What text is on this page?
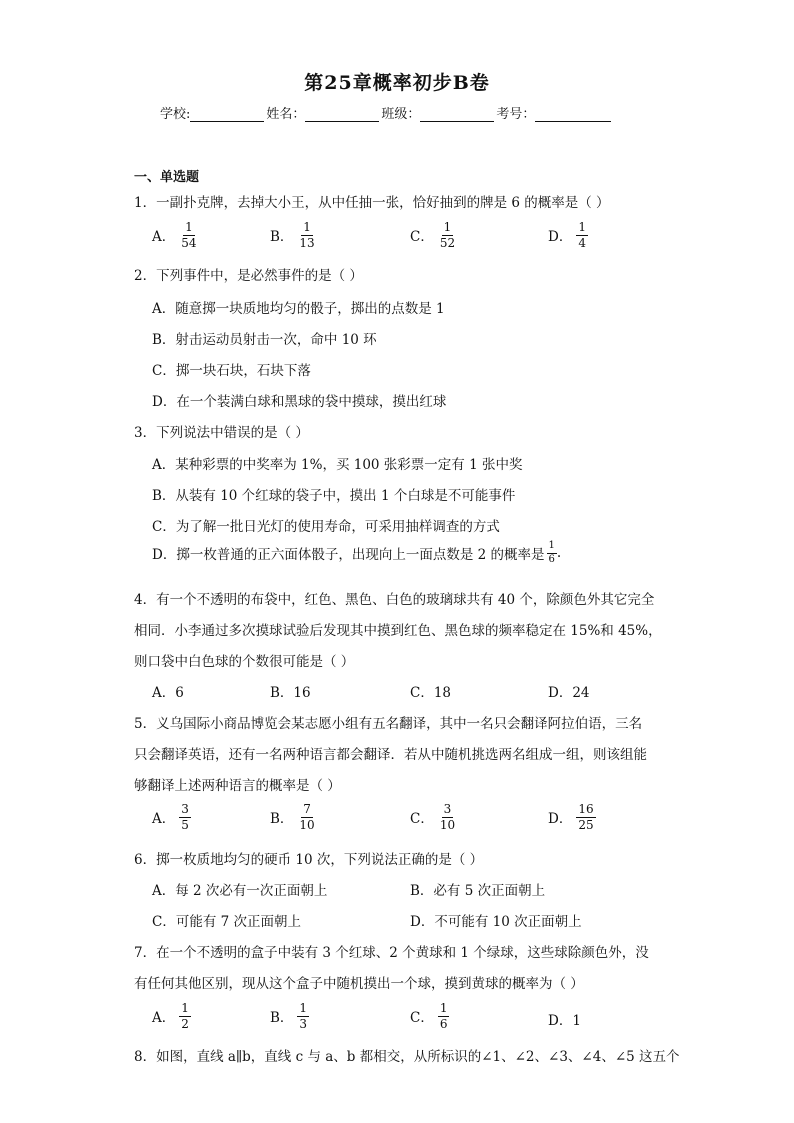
第25章概率初步B卷
学校:	姓名：	班级：	考号：
一、单选题
1．一副扑克牌，去掉大小王，从中任抽一张，恰好抽到的牌是 6 的概率是（ ）
A． $\frac{1}{54}$	B． $\frac{1}{13}$	C． $\frac{1}{52}$	D． $\frac{1}{4}$
2．下列事件中，是必然事件的是（ ）
A．随意掷一块质地均匀的骰子，掷出的点数是 1
B．射击运动员射击一次，命中 10 环
C．掷一块石块，石块下落
D．在一个装满白球和黑球的袋中摸球，摸出红球
3．下列说法中错误的是（ ）
A．某种彩票的中奖率为 1%，买 100 张彩票一定有 1 张中奖
B．从装有 10 个红球的袋子中，摸出 1 个白球是不可能事件
C．为了解一批日光灯的使用寿命，可采用抽样调查的方式
D．掷一枚普通的正六面体骰子，出现向上一面点数是 2 的概率是 $\frac{1}{6}$ .
4．有一个不透明的布袋中，红色、黑色、白色的玻璃球共有 40 个，除颜色外其它完全
相同．小李通过多次摸球试验后发现其中摸到红色、黑色球的频率稳定在 15%和 45%，
则口袋中白色球的个数很可能是（ ）
A．6	B．16	C．18	D．24
5．义乌国际小商品博览会某志愿小组有五名翻译，其中一名只会翻译阿拉伯语，三名
只会翻译英语，还有一名两种语言都会翻译．若从中随机挑选两名组成一组，则该组能
够翻译上述两种语言的概率是（ ）
A． $\frac{3}{5}$	B． $\frac{7}{10}$	C． $\frac{3}{10}$	D． $\frac{16}{25}$
6．掷一枚质地均匀的硬币 10 次，下列说法正确的是（ ）
A．每 2 次必有一次正面朝上	B．必有 5 次正面朝上
C．可能有 7 次正面朝上	D．不可能有 10 次正面朝上
7．在一个不透明的盒子中装有 3 个红球、2 个黄球和 1 个绿球，这些球除颜色外，没
有任何其他区别，现从这个盒子中随机摸出一个球，摸到黄球的概率为（ ）
A． $\frac{1}{2}$	B． $\frac{1}{3}$	C． $\frac{1}{6}$	D．1
8．如图，直线 a∥b，直线 c 与 a、b 都相交，从所标识的∠1、∠2、∠3、∠4、∠5 这五个
